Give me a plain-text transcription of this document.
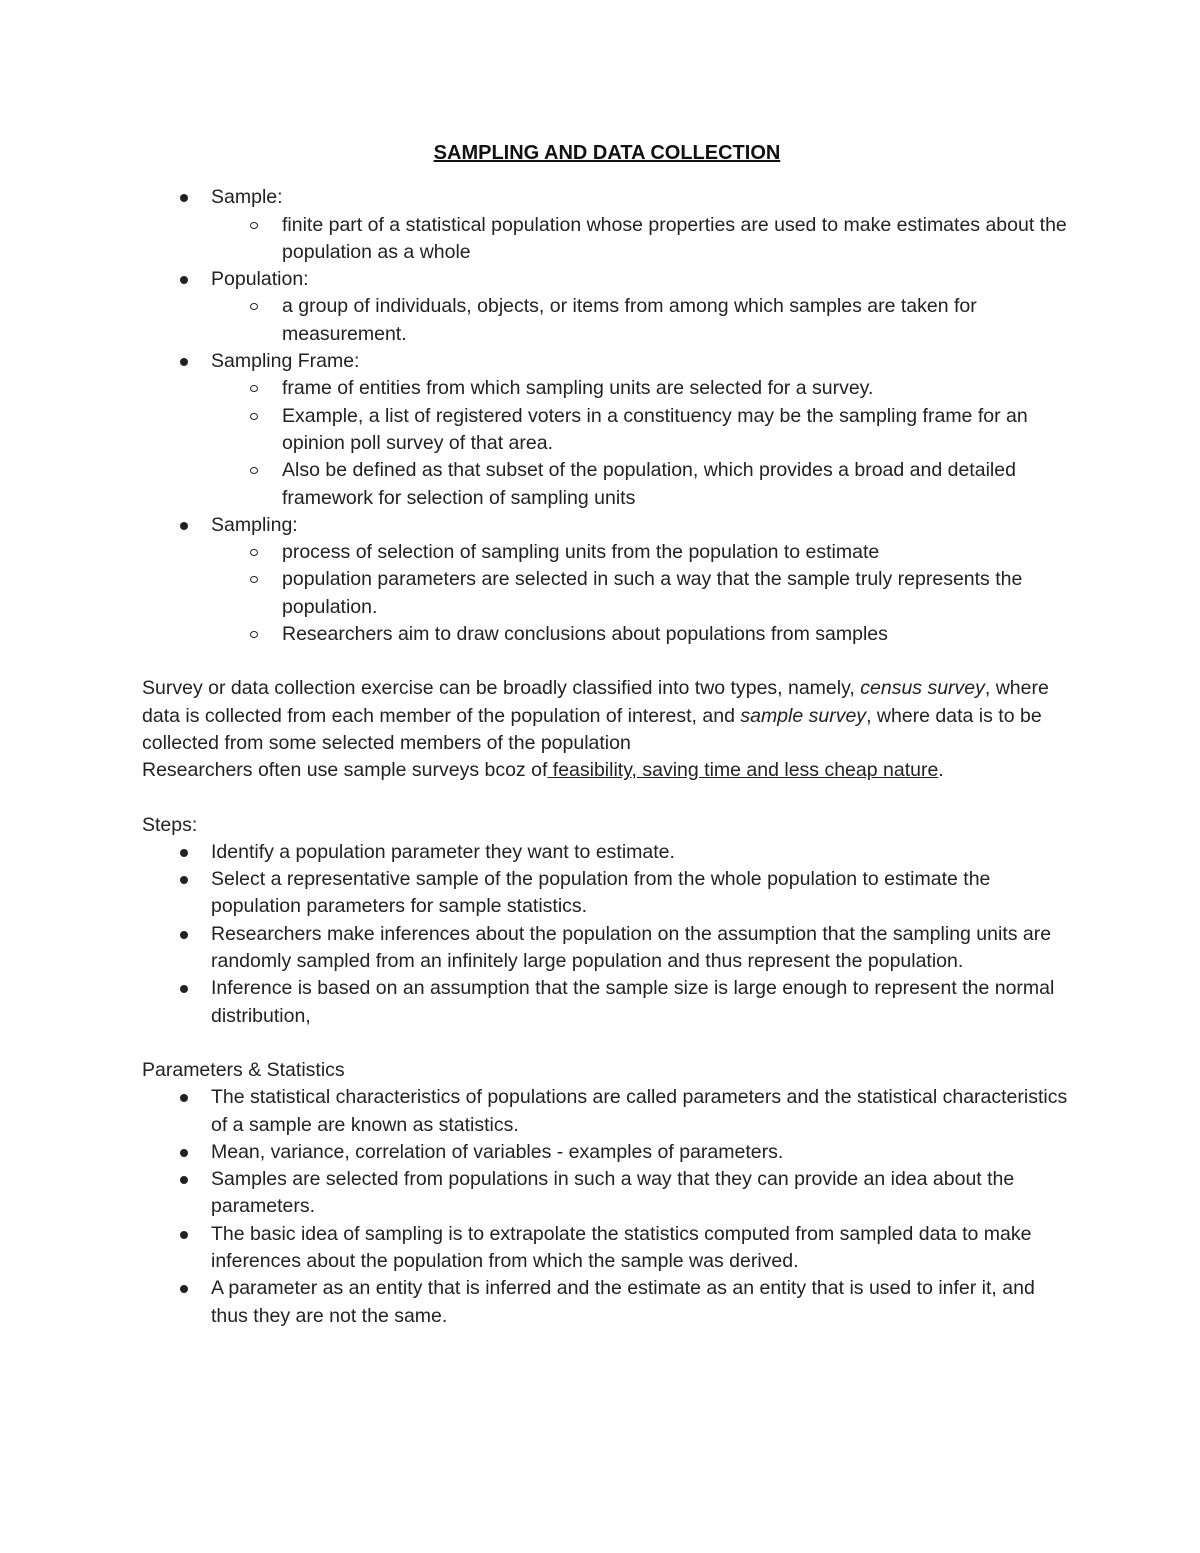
SAMPLING AND DATA COLLECTION
Sample:
finite part of a statistical population whose properties are used to make estimates about the population as a whole
Population:
a group of individuals, objects, or items from among which samples are taken for measurement.
Sampling Frame:
frame of entities from which sampling units are selected for a survey.
Example, a list of registered voters in a constituency may be the sampling frame for an opinion poll survey of that area.
Also be defined as that subset of the population, which provides a broad and detailed framework for selection of sampling units
Sampling:
process of selection of sampling units from the population to estimate
population parameters are selected in such a way that the sample truly represents the population.
Researchers aim to draw conclusions about populations from samples

Survey or data collection exercise can be broadly classified into two types, namely, census survey, where data is collected from each member of the population of interest, and sample survey, where data is to be collected from some selected members of the population

Researchers often use sample surveys bcoz of feasibility, saving time and less cheap nature.

Steps:

Identify a population parameter they want to estimate.
Select a representative sample of the population from the whole population to estimate the population parameters for sample statistics.
Researchers make inferences about the population on the assumption that the sampling units are randomly sampled from an infinitely large population and thus represent the population.
Inference is based on an assumption that the sample size is large enough to represent the normal distribution,

Parameters & Statistics

The statistical characteristics of populations are called parameters and the statistical characteristics of a sample are known as statistics.
Mean, variance, correlation of variables - examples of parameters.
Samples are selected from populations in such a way that they can provide an idea about the parameters.
The basic idea of sampling is to extrapolate the statistics computed from sampled data to make inferences about the population from which the sample was derived.
A parameter as an entity that is inferred and the estimate as an entity that is used to infer it, and thus they are not the same.
